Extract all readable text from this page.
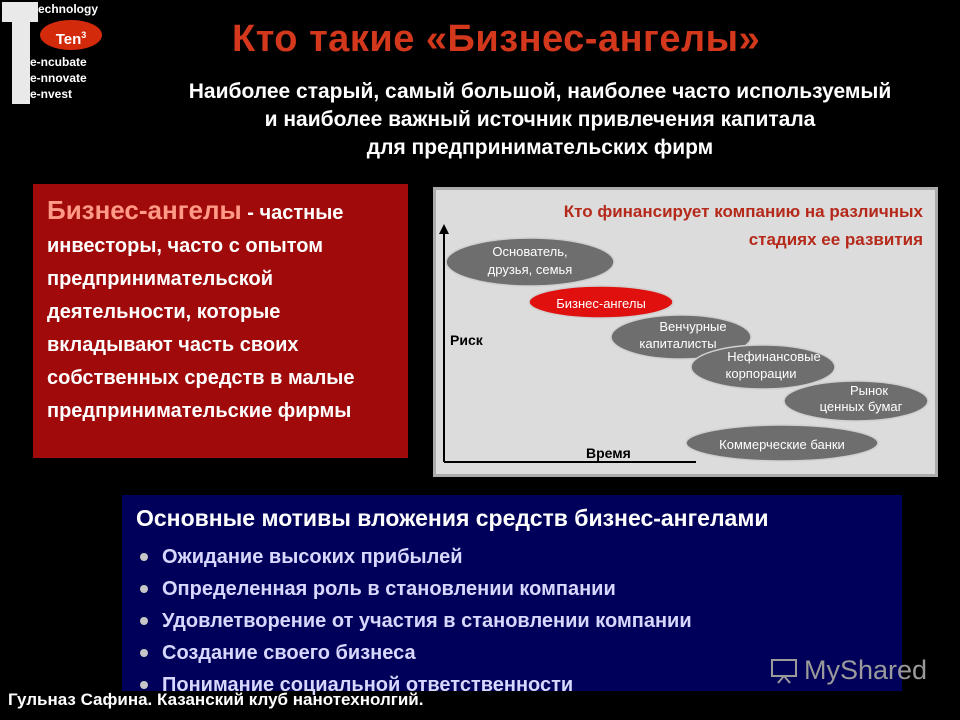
echnology
Ten$^3$
e-ncubate
e-nnovate
e-nvest
Кто такие «Бизнес-ангелы»
Наиболее старый, самый большой, наиболее часто используемый
и наиболее важный источник привлечения капитала
для предпринимательских фирм
Бизнес-ангелы - частные инвесторы, часто с опытом предпринимательской деятельности, которые вкладывают часть своих собственных средств в малые предпринимательские фирмы
Кто финансирует компанию на различных
стадиях ее развития
Риск
Время
Основатель,
друзья, семья
Бизнес-ангелы
Венчурные
капиталисты
Нефинансовые
корпорации
Рынок
ценных бумаг
Коммерческие банки
Основные мотивы вложения средств бизнес-ангелами
Ожидание высоких прибылей
Определенная роль в становлении компании
Удовлетворение от участия в становлении компании
Создание своего бизнеса
Понимание социальной ответственности	MyShared
Гульназ Сафина. Казанский клуб нанотехнолгий.
